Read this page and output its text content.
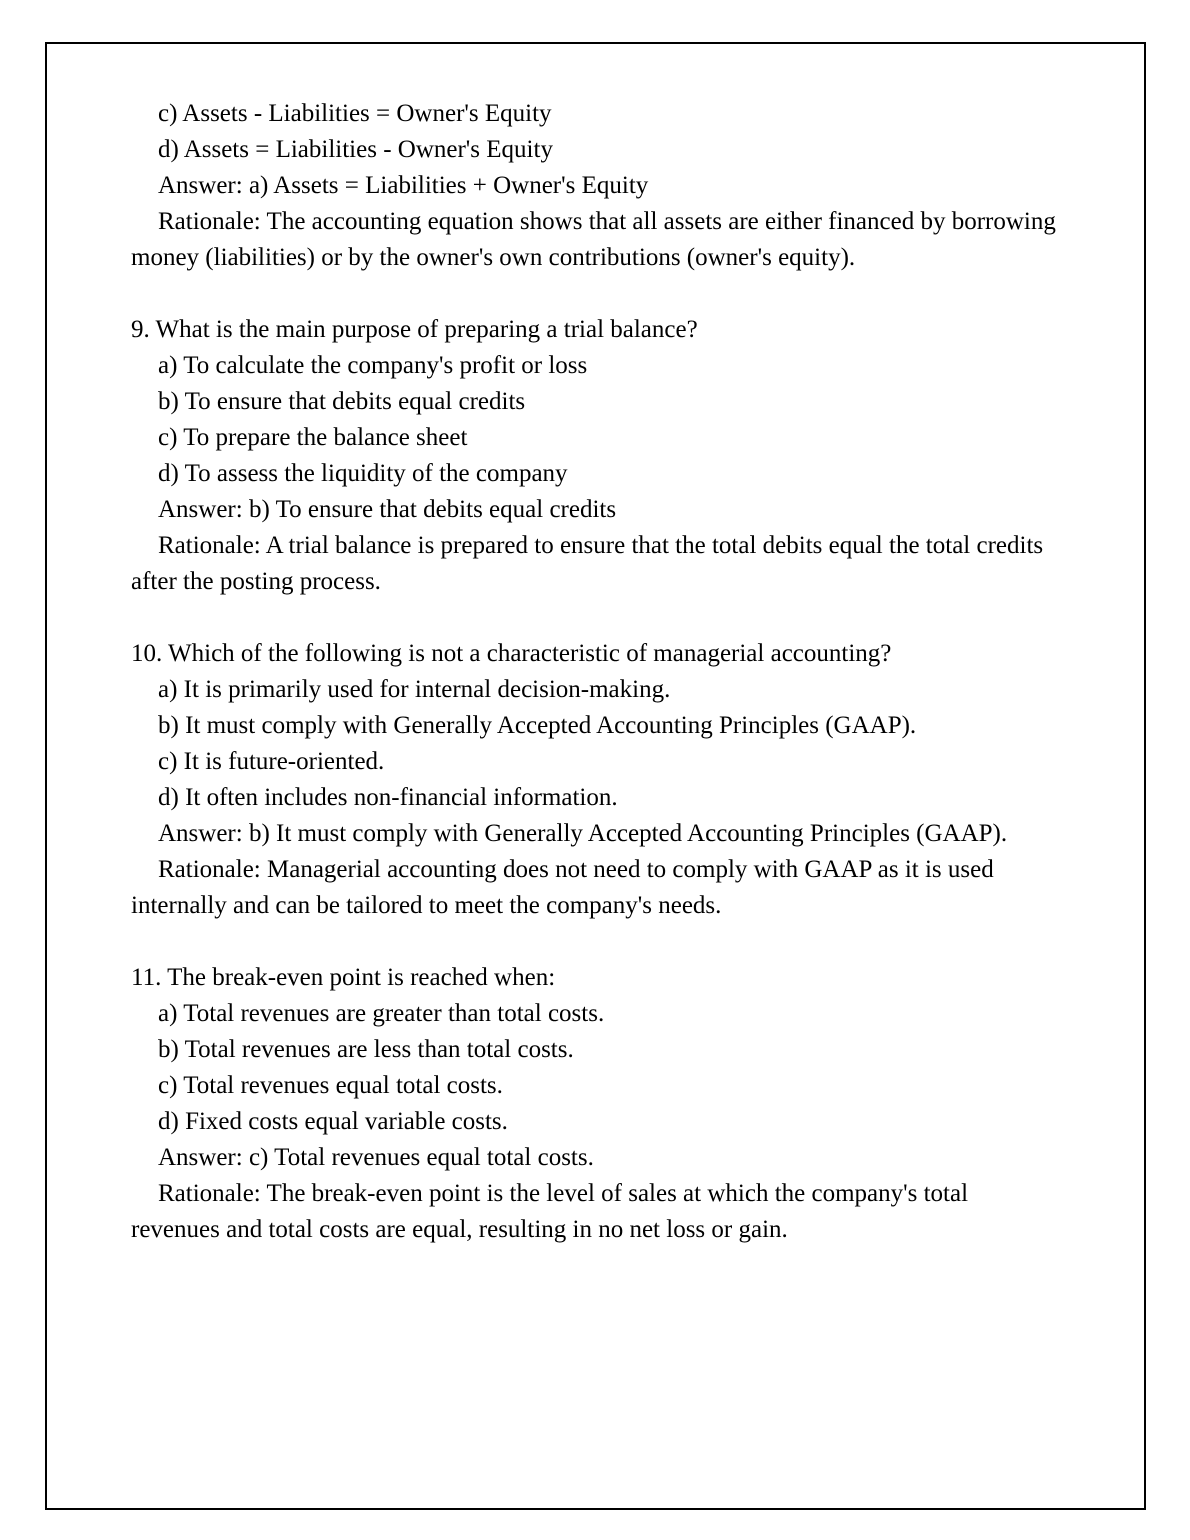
c) Assets - Liabilities = Owner's Equity

d) Assets = Liabilities - Owner's Equity

Answer: a) Assets = Liabilities + Owner's Equity

Rationale: The accounting equation shows that all assets are either financed by borrowing money (liabilities) or by the owner's own contributions (owner's equity).

9. What is the main purpose of preparing a trial balance?

a) To calculate the company's profit or loss

b) To ensure that debits equal credits

c) To prepare the balance sheet

d) To assess the liquidity of the company

Answer: b) To ensure that debits equal credits

Rationale: A trial balance is prepared to ensure that the total debits equal the total credits after the posting process.

10. Which of the following is not a characteristic of managerial accounting?

a) It is primarily used for internal decision-making.

b) It must comply with Generally Accepted Accounting Principles (GAAP).

c) It is future-oriented.

d) It often includes non-financial information.

Answer: b) It must comply with Generally Accepted Accounting Principles (GAAP).

Rationale: Managerial accounting does not need to comply with GAAP as it is used internally and can be tailored to meet the company's needs.

11. The break-even point is reached when:

a) Total revenues are greater than total costs.

b) Total revenues are less than total costs.

c) Total revenues equal total costs.

d) Fixed costs equal variable costs.

Answer: c) Total revenues equal total costs.

Rationale: The break-even point is the level of sales at which the company's total revenues and total costs are equal, resulting in no net loss or gain.
